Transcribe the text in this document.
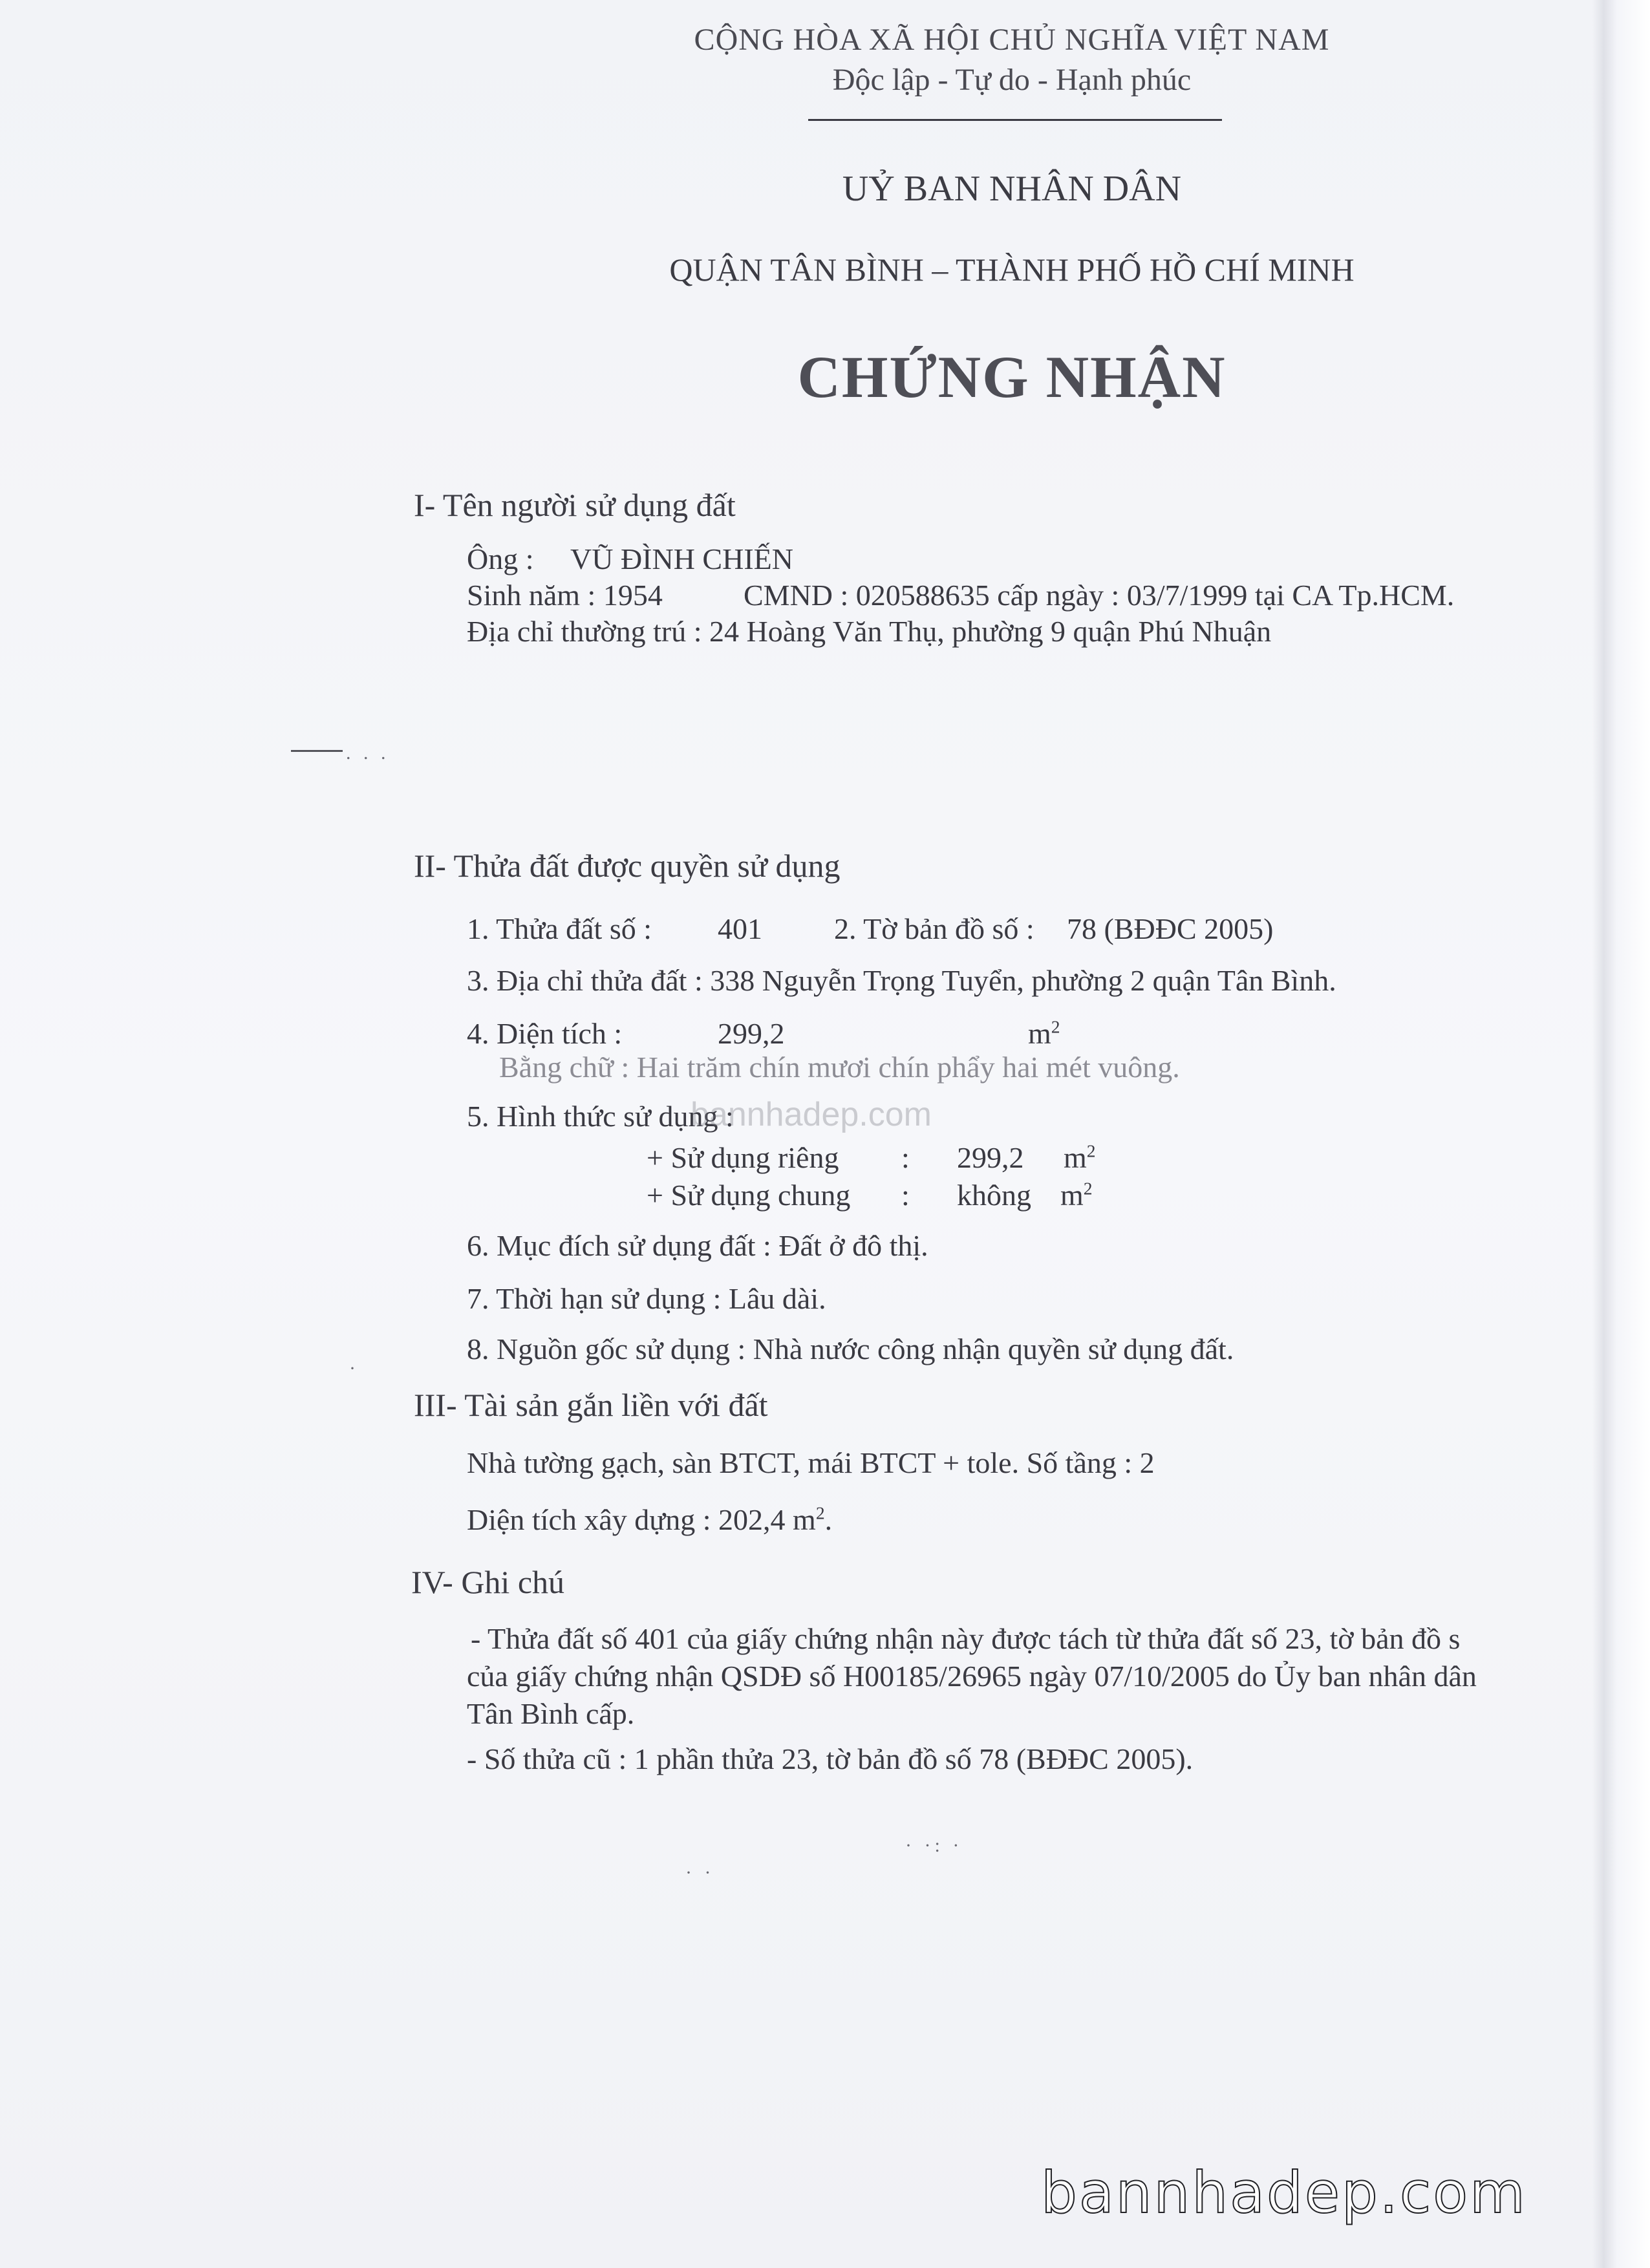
CỘNG HÒA XÃ HỘI CHỦ NGHĨA VIỆT NAM
Độc lập - Tự do - Hạnh phúc
UỶ BAN NHÂN DÂN
QUẬN TÂN BÌNH – THÀNH PHỐ HỒ CHÍ MINH
CHỨNG NHẬN
I- Tên người sử dụng đất
Ông : VŨ ĐÌNH CHIẾN
Sinh năm : 1954	CMND : 020588635 cấp ngày : 03/7/1999 tại CA Tp.HCM.
Địa chỉ thường trú : 24 Hoàng Văn Thụ, phường 9 quận Phú Nhuận
. . .
II- Thửa đất được quyền sử dụng
1. Thửa đất số : 401 2. Tờ bản đồ số : 78 (BĐĐC 2005)
3. Địa chỉ thửa đất : 338 Nguyễn Trọng Tuyển, phường 2 quận Tân Bình.
4. Diện tích :	299,2	$m^2$
Bằng chữ : Hai trăm chín mươi chín phẩy hai mét vuông.
5. Hình thức sử dụng :
bannhadep.com
+ Sử dụng riêng : 299,2 $m^2$
+ Sử dụng chung : không $m^2$
6. Mục đích sử dụng đất : Đất ở đô thị.
7. Thời hạn sử dụng : Lâu dài.
8. Nguồn gốc sử dụng : Nhà nước công nhận quyền sử dụng đất.
III- Tài sản gắn liền với đất
Nhà tường gạch, sàn BTCT, mái BTCT + tole. Số tầng : 2
Diện tích xây dựng : 202,4 $m^2$.
IV- Ghi chú
- Thửa đất số 401 của giấy chứng nhận này được tách từ thửa đất số 23, tờ bản đồ s
của giấy chứng nhận QSDĐ số H00185/26965 ngày 07/10/2005 do Ủy ban nhân dân
Tân Bình cấp.
- Số thửa cũ : 1 phần thửa 23, tờ bản đồ số 78 (BĐĐC 2005).
· ·: ·
· ·
·
bannhadep.com
